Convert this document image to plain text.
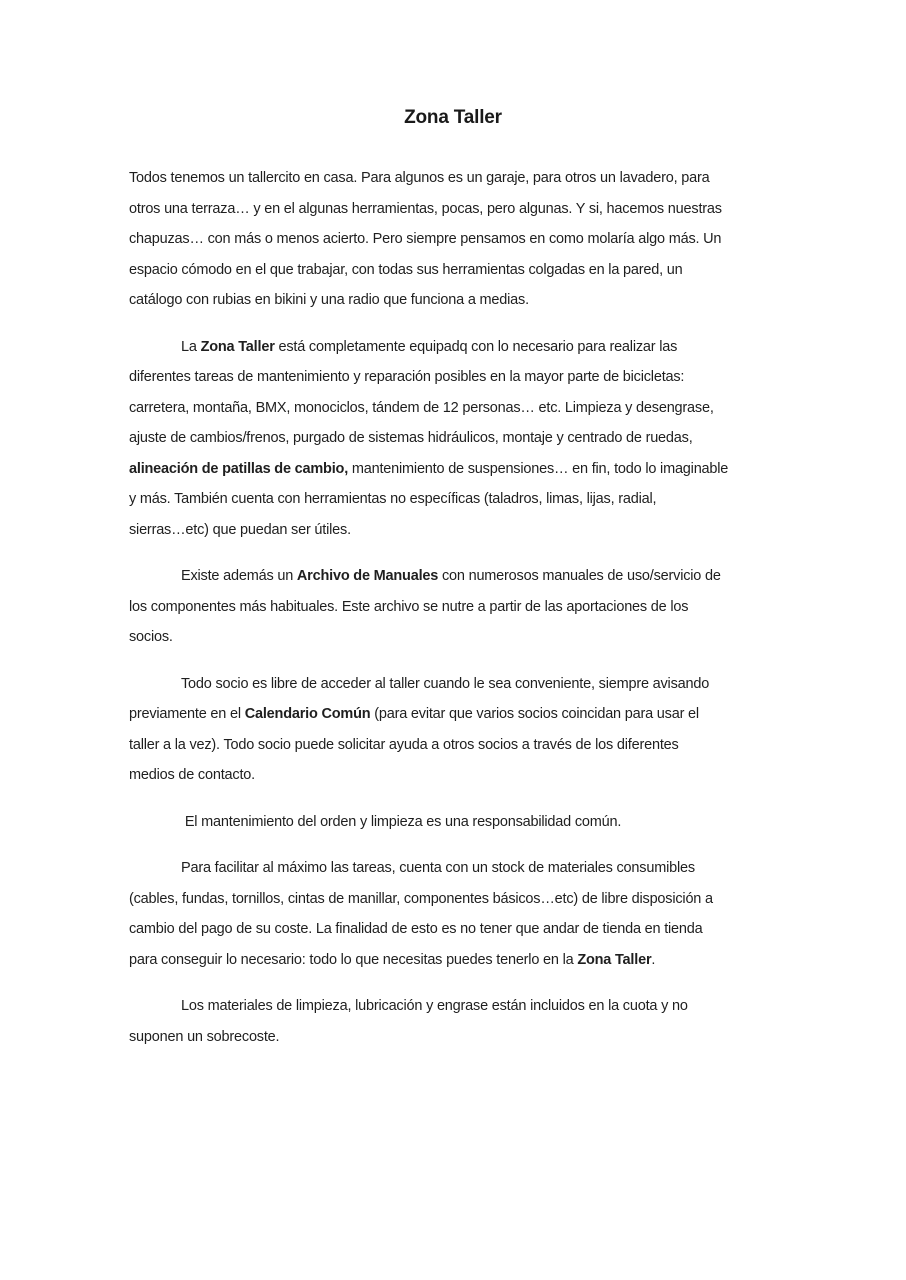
Zona Taller
Todos tenemos un tallercito en casa. Para algunos es un garaje, para otros un lavadero, para
otros una terraza… y en el algunas herramientas, pocas, pero algunas. Y si, hacemos nuestras
chapuzas… con más o menos acierto. Pero siempre pensamos en como molaría algo más. Un
espacio cómodo en el que trabajar, con todas sus herramientas colgadas en la pared, un
catálogo con rubias en bikini y una radio que funciona a medias.
La Zona Taller está completamente equipadq con lo necesario para realizar las
diferentes tareas de mantenimiento y reparación posibles en la mayor parte de bicicletas:
carretera, montaña, BMX, monociclos, tándem de 12 personas… etc. Limpieza y desengrase,
ajuste de cambios/frenos, purgado de sistemas hidráulicos, montaje y centrado de ruedas,
alineación de patillas de cambio, mantenimiento de suspensiones… en fin, todo lo imaginable
y más. También cuenta con herramientas no específicas (taladros, limas, lijas, radial,
sierras…etc) que puedan ser útiles.
Existe además un Archivo de Manuales con numerosos manuales de uso/servicio de
los componentes más habituales. Este archivo se nutre a partir de las aportaciones de los
socios.
Todo socio es libre de acceder al taller cuando le sea conveniente, siempre avisando
previamente en el Calendario Común (para evitar que varios socios coincidan para usar el
taller a la vez). Todo socio puede solicitar ayuda a otros socios a través de los diferentes
medios de contacto.
El mantenimiento del orden y limpieza es una responsabilidad común.
Para facilitar al máximo las tareas, cuenta con un stock de materiales consumibles
(cables, fundas, tornillos, cintas de manillar, componentes básicos…etc) de libre disposición a
cambio del pago de su coste. La finalidad de esto es no tener que andar de tienda en tienda
para conseguir lo necesario: todo lo que necesitas puedes tenerlo en la Zona Taller.
Los materiales de limpieza, lubricación y engrase están incluidos en la cuota y no
suponen un sobrecoste.
